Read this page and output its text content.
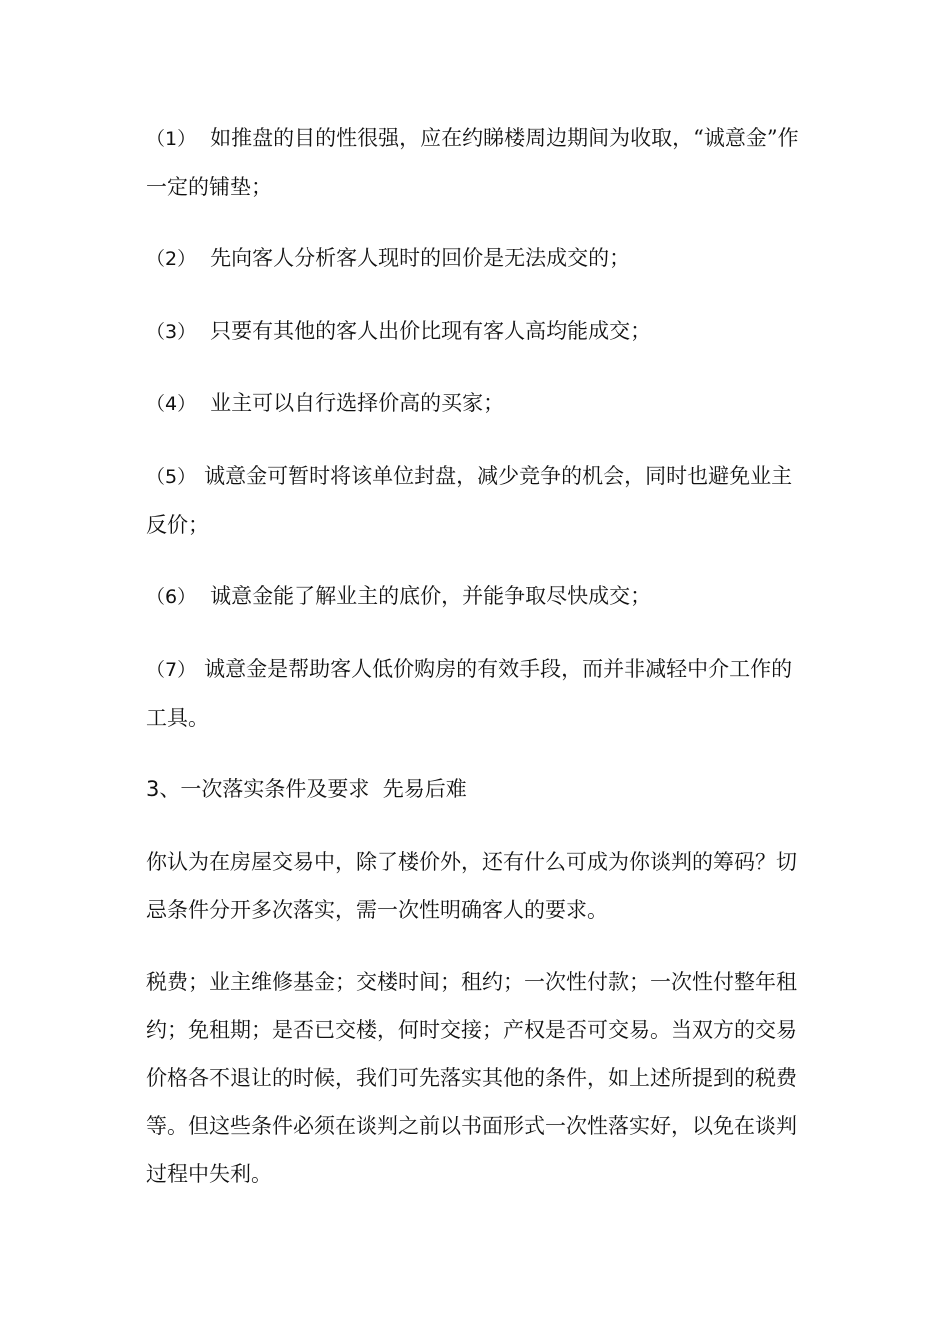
（1） 如推盘的目的性很强，应在约睇楼周边期间为收取，“诚意金”作一定的铺垫；

（2） 先向客人分析客人现时的回价是无法成交的；

（3） 只要有其他的客人出价比现有客人高均能成交；

（4） 业主可以自行选择价高的买家；

（5） 诚意金可暂时将该单位封盘，减少竞争的机会，同时也避免业主反价；

（6） 诚意金能了解业主的底价，并能争取尽快成交；

（7） 诚意金是帮助客人低价购房的有效手段，而并非减轻中介工作的工具。

3、一次落实条件及要求  先易后难

你认为在房屋交易中，除了楼价外，还有什么可成为你谈判的筹码？切忌条件分开多次落实，需一次性明确客人的要求。

税费；业主维修基金；交楼时间；租约；一次性付款；一次性付整年租约；免租期；是否已交楼，何时交接；产权是否可交易。当双方的交易价格各不退让的时候，我们可先落实其他的条件，如上述所提到的税费等。但这些条件必须在谈判之前以书面形式一次性落实好，以免在谈判过程中失利。
